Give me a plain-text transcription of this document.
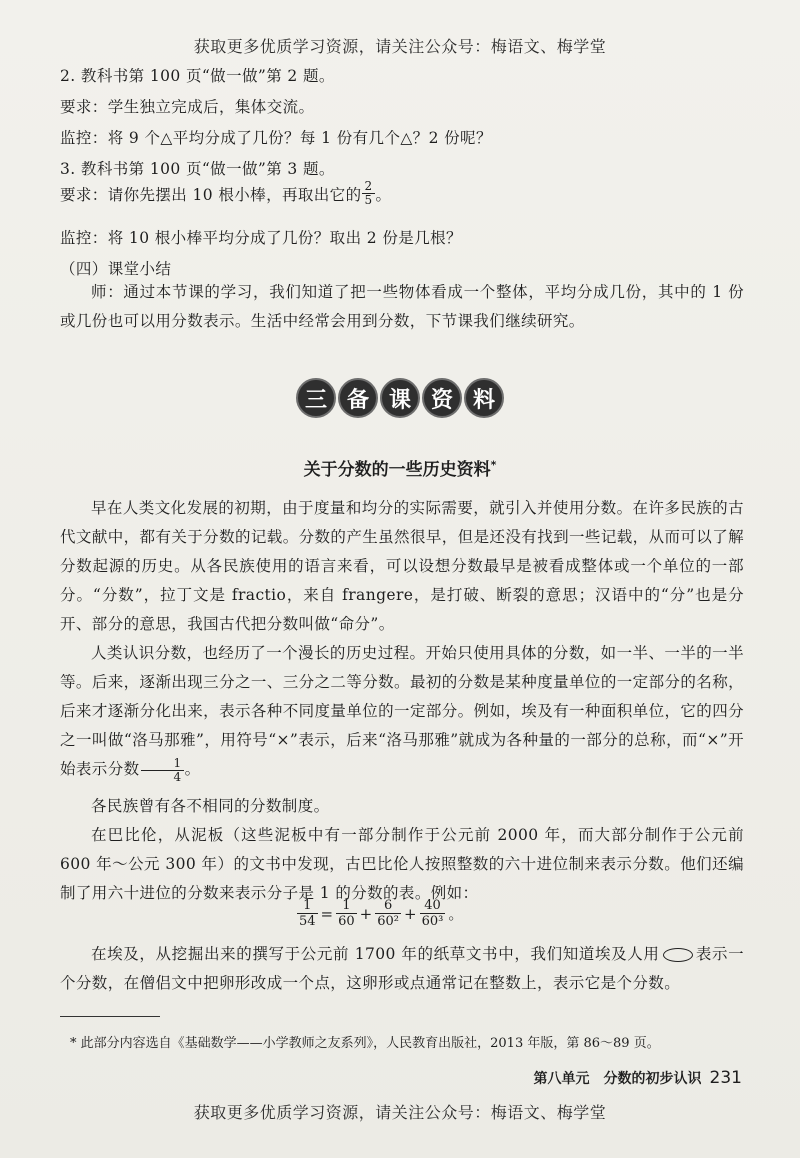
获取更多优质学习资源，请关注公众号：梅语文、梅学堂
2. 教科书第 100 页“做一做”第 2 题。
要求：学生独立完成后，集体交流。
监控：将 9 个△平均分成了几份？每 1 份有几个△？2 份呢？
3. 教科书第 100 页“做一做”第 3 题。
要求：请你先摆出 10 根小棒，再取出它的 $\frac{2}{5}$ 。
监控：将 10 根小棒平均分成了几份？取出 2 份是几根？
（四）课堂小结

师：通过本节课的学习，我们知道了把一些物体看成一个整体，平均分成几份，其中的 1 份或几份也可以用分数表示。生活中经常会用到分数，下节课我们继续研究。

三 备 课 资 料
关于分数的一些历史资料*

早在人类文化发展的初期，由于度量和均分的实际需要，就引入并使用分数。在许多民族的古代文献中，都有关于分数的记载。分数的产生虽然很早，但是还没有找到一些记载，从而可以了解分数起源的历史。从各民族使用的语言来看，可以设想分数最早是被看成整体或一个单位的一部分。“分数”，拉丁文是 fractio，来自 frangere，是打破、断裂的意思；汉语中的“分”也是分开、部分的意思，我国古代把分数叫做“命分”。

人类认识分数，也经历了一个漫长的历史过程。开始只使用具体的分数，如一半、一半的一半等。后来，逐渐出现三分之一、三分之二等分数。最初的分数是某种度量单位的一定部分的名称，后来才逐渐分化出来，表示各种不同度量单位的一定部分。例如，埃及有一种面积单位，它的四分之一叫做“洛马那雅”，用符号“×”表示，后来“洛马那雅”就成为各种量的一部分的总称，而“×”开始表示分数 $\frac{1}{4}$ 。

各民族曾有各不相同的分数制度。

在巴比伦，从泥板（这些泥板中有一部分制作于公元前 2000 年，而大部分制作于公元前 600 年～公元 300 年）的文书中发现，古巴比伦人按照整数的六十进位制来表示分数。他们还编制了用六十进位的分数来表示分子是 1 的分数的表。例如：

$\frac{1}{54} = \frac{1}{60} + \frac{6}{\text{60²}} + \frac{40}{\text{60³}}$ 。

在埃及，从挖掘出来的撰写于公元前 1700 年的纸草文书中，我们知道埃及人用 表示一个分数，在僧侣文中把卵形改成一个点，这卵形或点通常记在整数上，表示它是个分数。

* 此部分内容选自《基础数学——小学教师之友系列》，人民教育出版社，2013 年版，第 86～89 页。
第八单元　分数的初步认识 231
获取更多优质学习资源，请关注公众号：梅语文、梅学堂
